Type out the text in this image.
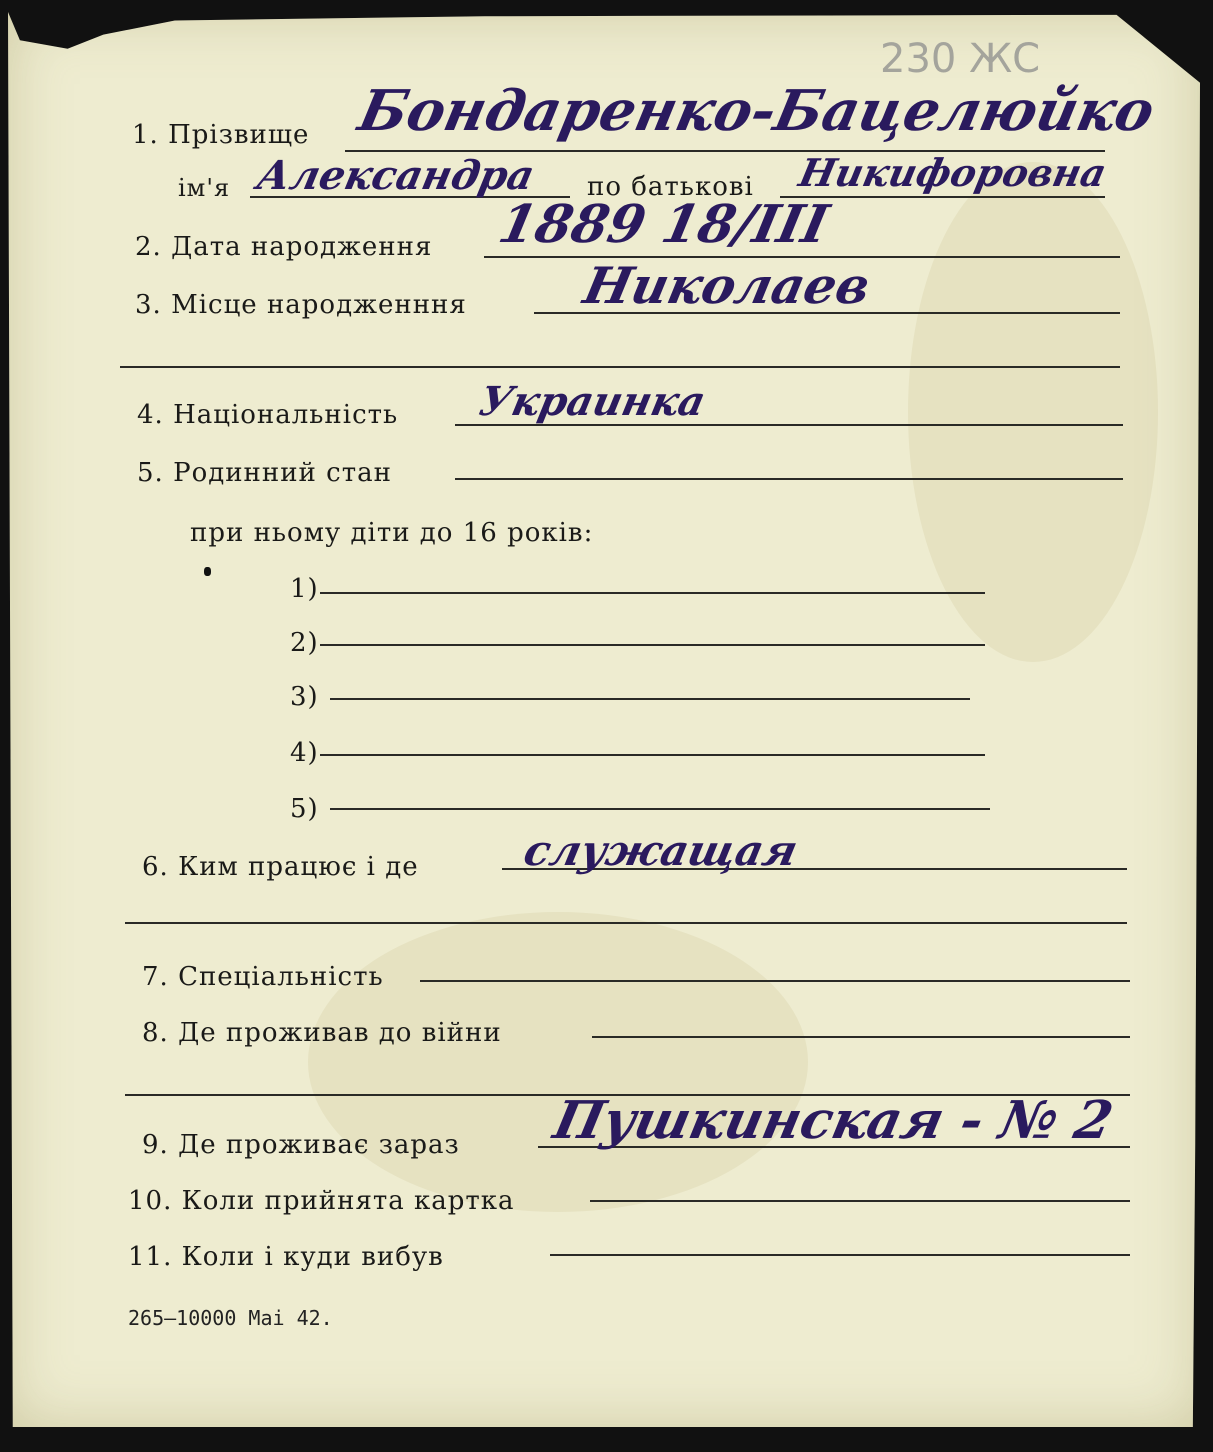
230 ЖС
1. Прізвище Бондаренко-Бацелюйко
ім'я Александра по батькові Никифоровна
2. Дата народження 1889 18/III
3. Місце народженння Николаев
4. Національність Украинка
5. Родинний стан
при ньому діти до 16 років:
1)
2)
3)
4)
5)
6. Ким працює і де служащая
7. Спеціальність
8. Де проживав до війни
9. Де проживає зараз Пушкинская - № 2
10. Коли прийнята картка
11. Коли і куди вибув
265–10000 Mai 42.
